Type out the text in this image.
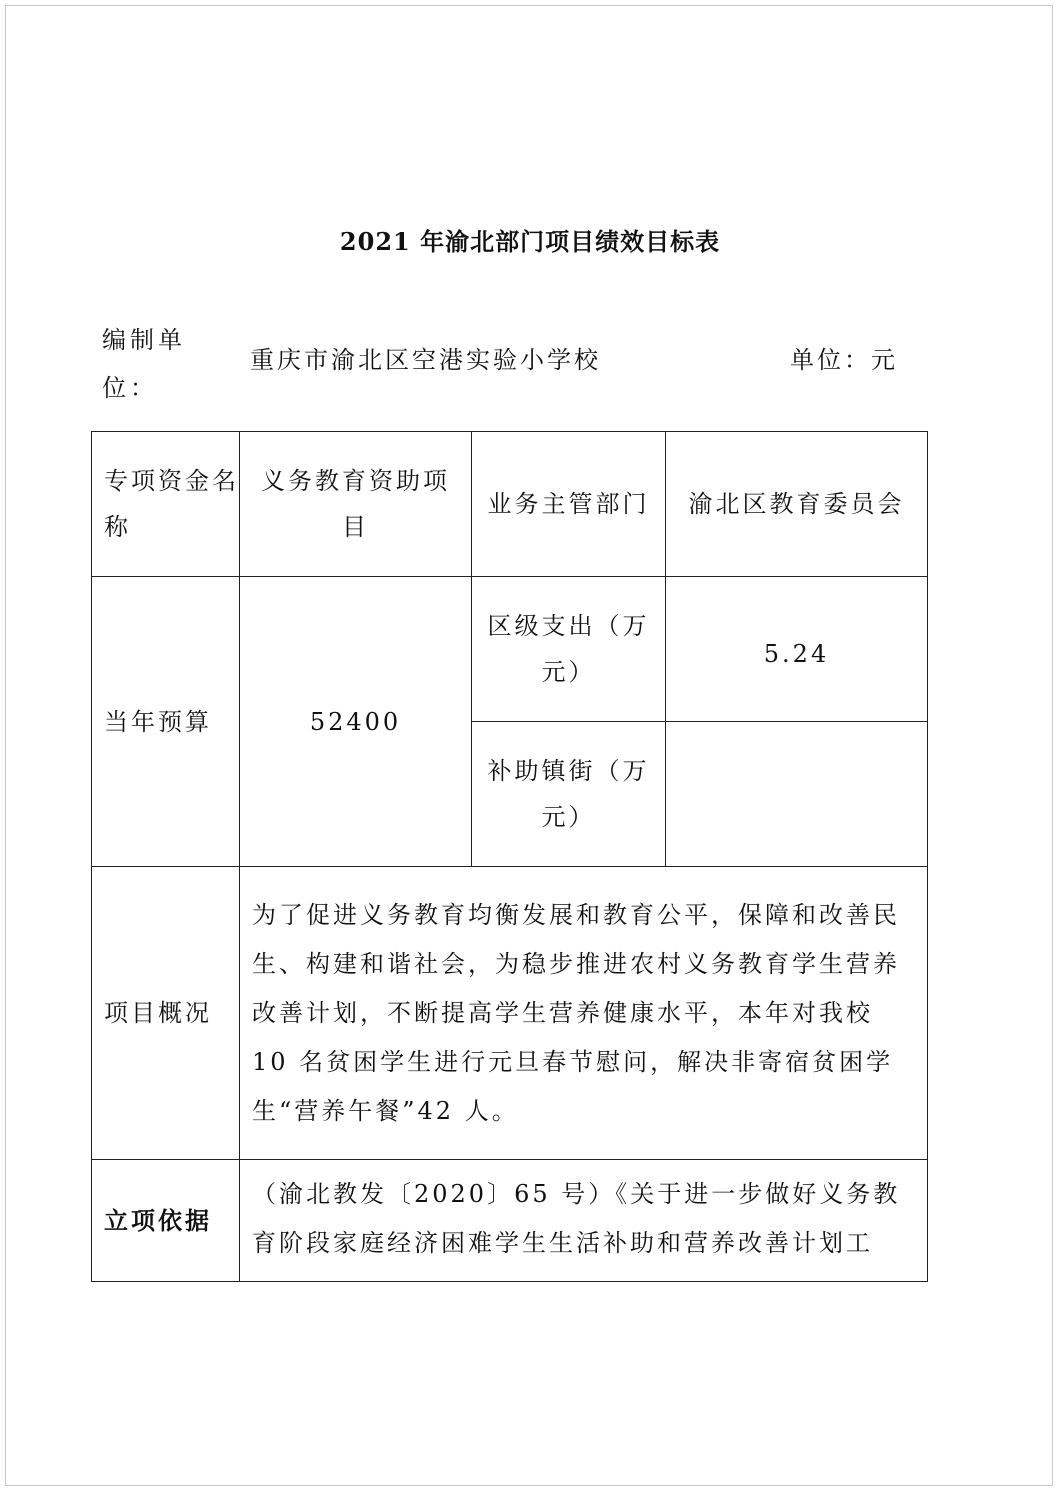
2021 年渝北部门项目绩效目标表
编制单位：
重庆市渝北区空港实验小学校	单位：元
专项资金名称	义务教育资助项目	业务主管部门	渝北区教育委员会
当年预算	52400	区级支出（万元）	5.24
		补助镇街（万元）	
项目概况	为了促进义务教育均衡发展和教育公平，保障和改善民生、构建和谐社会，为稳步推进农村义务教育学生营养改善计划，不断提高学生营养健康水平，本年对我校 10 名贫困学生进行元旦春节慰问，解决非寄宿贫困学生“营养午餐”42 人。		
立项依据	（渝北教发〔2020〕65 号）《关于进一步做好义务教育阶段家庭经济困难学生生活补助和营养改善计划工		
